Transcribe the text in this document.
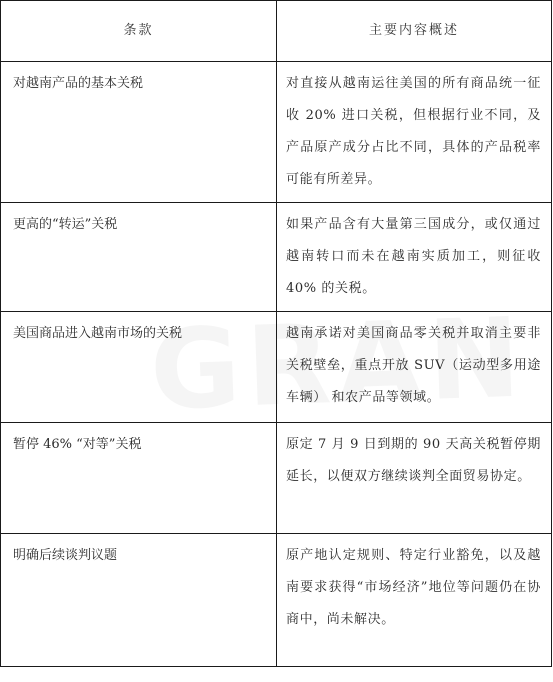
条款	主要内容概述
对越南产品的基本关税	对直接从越南运往美国的所有商品统一征收 20% 进口关税，但根据行业不同，及产品原产成分占比不同，具体的产品税率可能有所差异。
更高的“转运”关税	如果产品含有大量第三国成分，或仅通过越南转口而未在越南实质加工，则征收 40% 的关税。
美国商品进入越南市场的关税	越南承诺对美国商品零关税并取消主要非关税壁垒，重点开放 SUV（运动型多用途车辆） 和农产品等领域。
暂停 46% “对等”关税	原定 7 月 9 日到期的 90 天高关税暂停期延长，以便双方继续谈判全面贸易协定。
明确后续谈判议题	原产地认定规则、特定行业豁免，以及越南要求获得“市场经济”地位等问题仍在协商中，尚未解决。
